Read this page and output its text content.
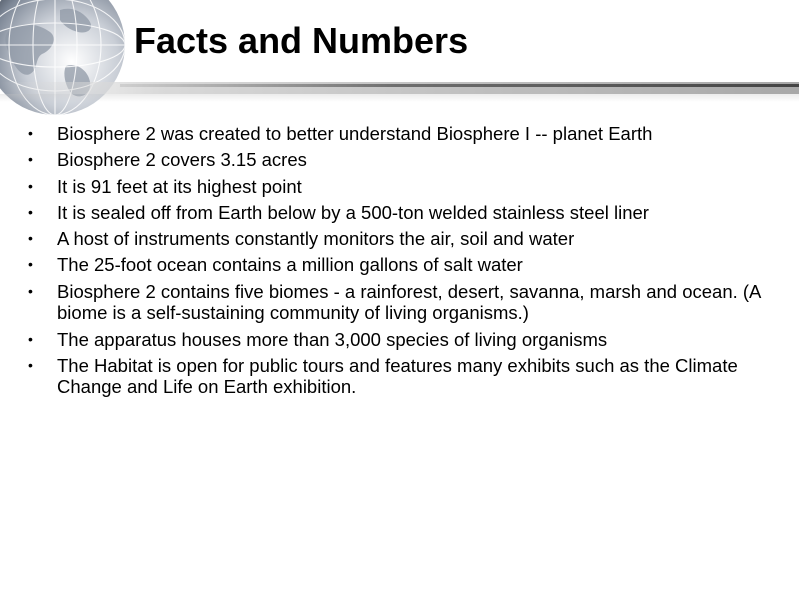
Facts and Numbers
• Biosphere 2 was created to better understand Biosphere I -- planet Earth
• Biosphere 2 covers 3.15 acres
• It is 91 feet at its highest point
• It is sealed off from Earth below by a 500-ton welded stainless steel liner
• A host of instruments constantly monitors the air, soil and water
• The 25-foot ocean contains a million gallons of salt water
• Biosphere 2 contains five biomes - a rainforest, desert, savanna, marsh and ocean. (A biome is a self-sustaining community of living organisms.)
• The apparatus houses more than 3,000 species of living organisms
• The Habitat is open for public tours and features many exhibits such as the Climate Change and Life on Earth exhibition.
